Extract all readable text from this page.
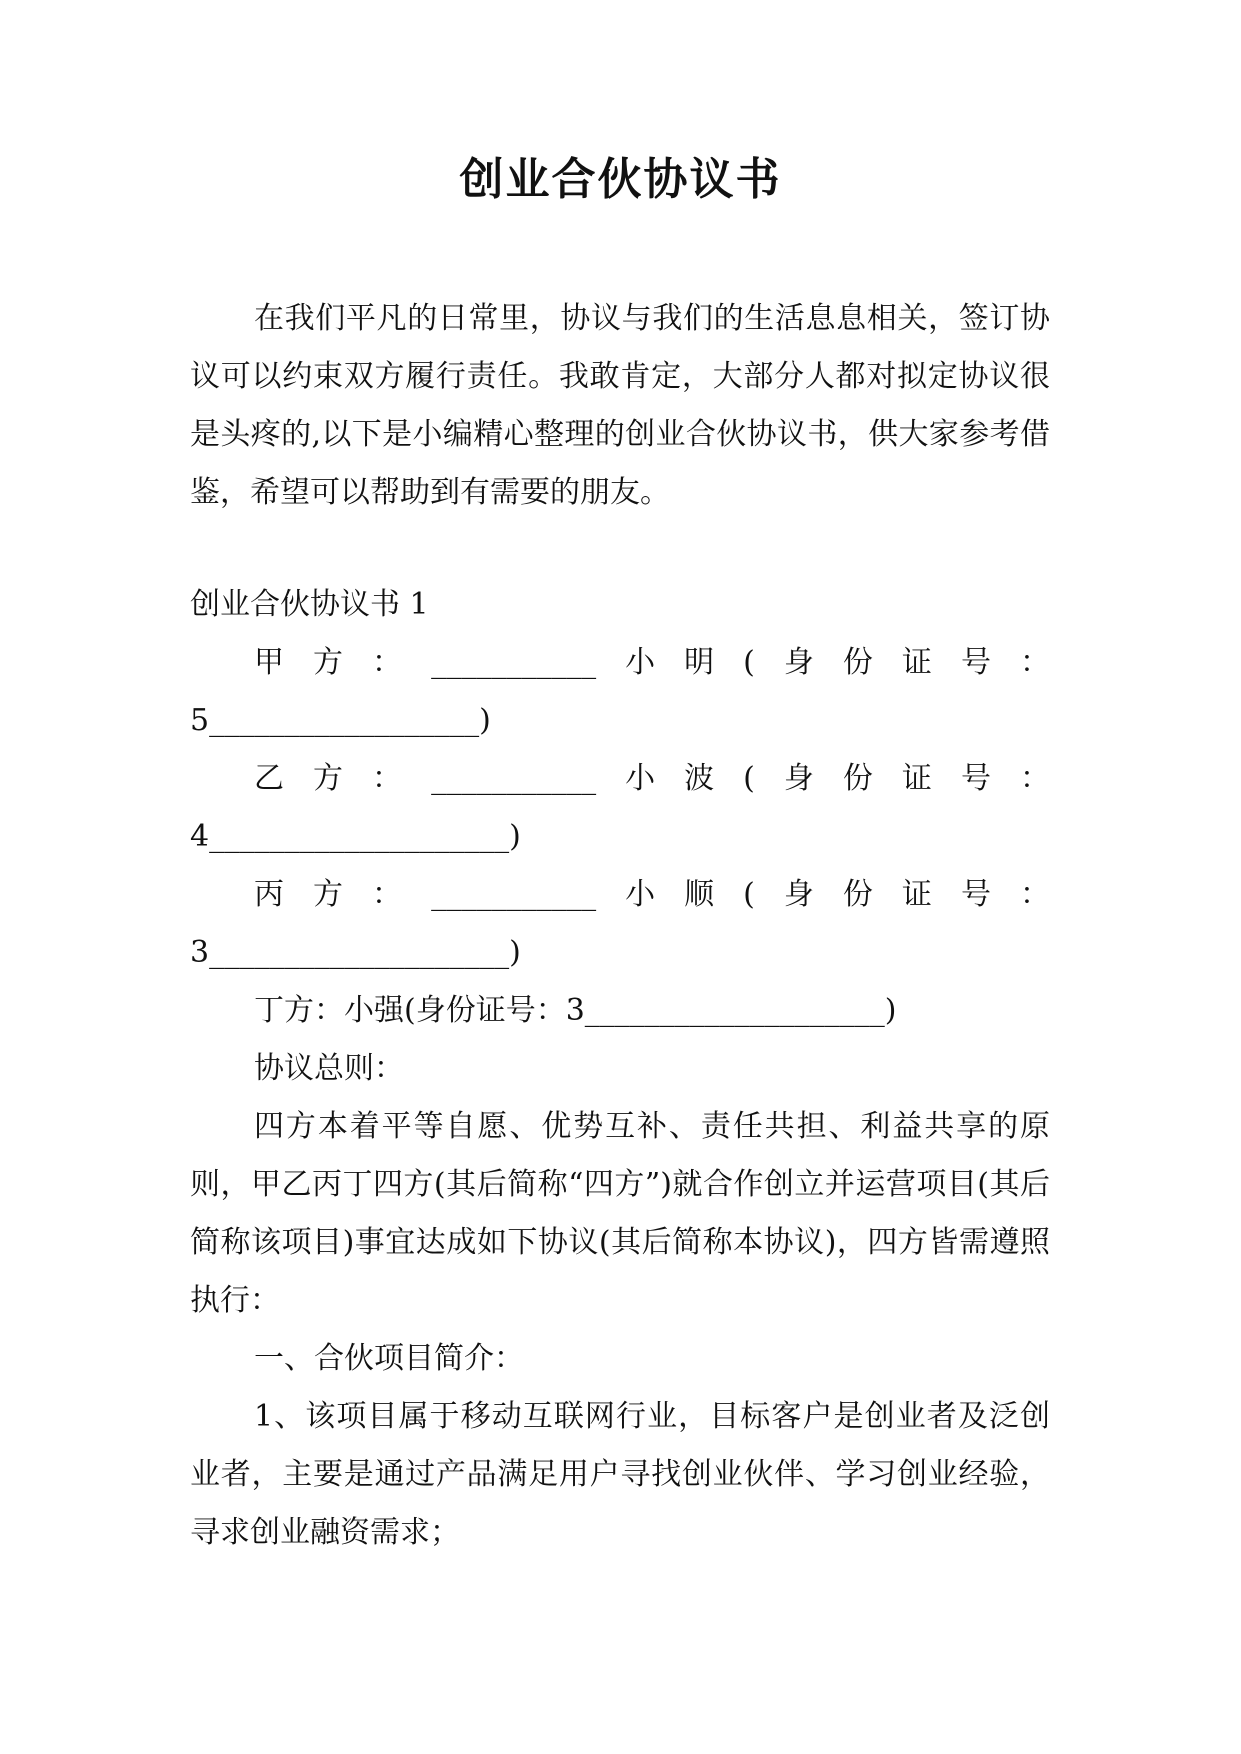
创业合伙协议书

在我们平凡的日常里，协议与我们的生活息息相关，签订协议可以约束双方履行责任。我敢肯定，大部分人都对拟定协议很是头疼的,以下是小编精心整理的创业合伙协议书，供大家参考借鉴，希望可以帮助到有需要的朋友。

创业合伙协议书 1

甲方：___________小明(身份证号：

5__________________)

乙方：___________小波(身份证号：

4____________________)

丙方：___________小顺(身份证号：

3____________________)

丁方：小强(身份证号：3____________________)

协议总则：

四方本着平等自愿、优势互补、责任共担、利益共享的原则，甲乙丙丁四方(其后简称“四方”)就合作创立并运营项目(其后简称该项目)事宜达成如下协议(其后简称本协议)，四方皆需遵照执行：

一、合伙项目简介：

1、该项目属于移动互联网行业，目标客户是创业者及泛创业者，主要是通过产品满足用户寻找创业伙伴、学习创业经验，寻求创业融资需求；
